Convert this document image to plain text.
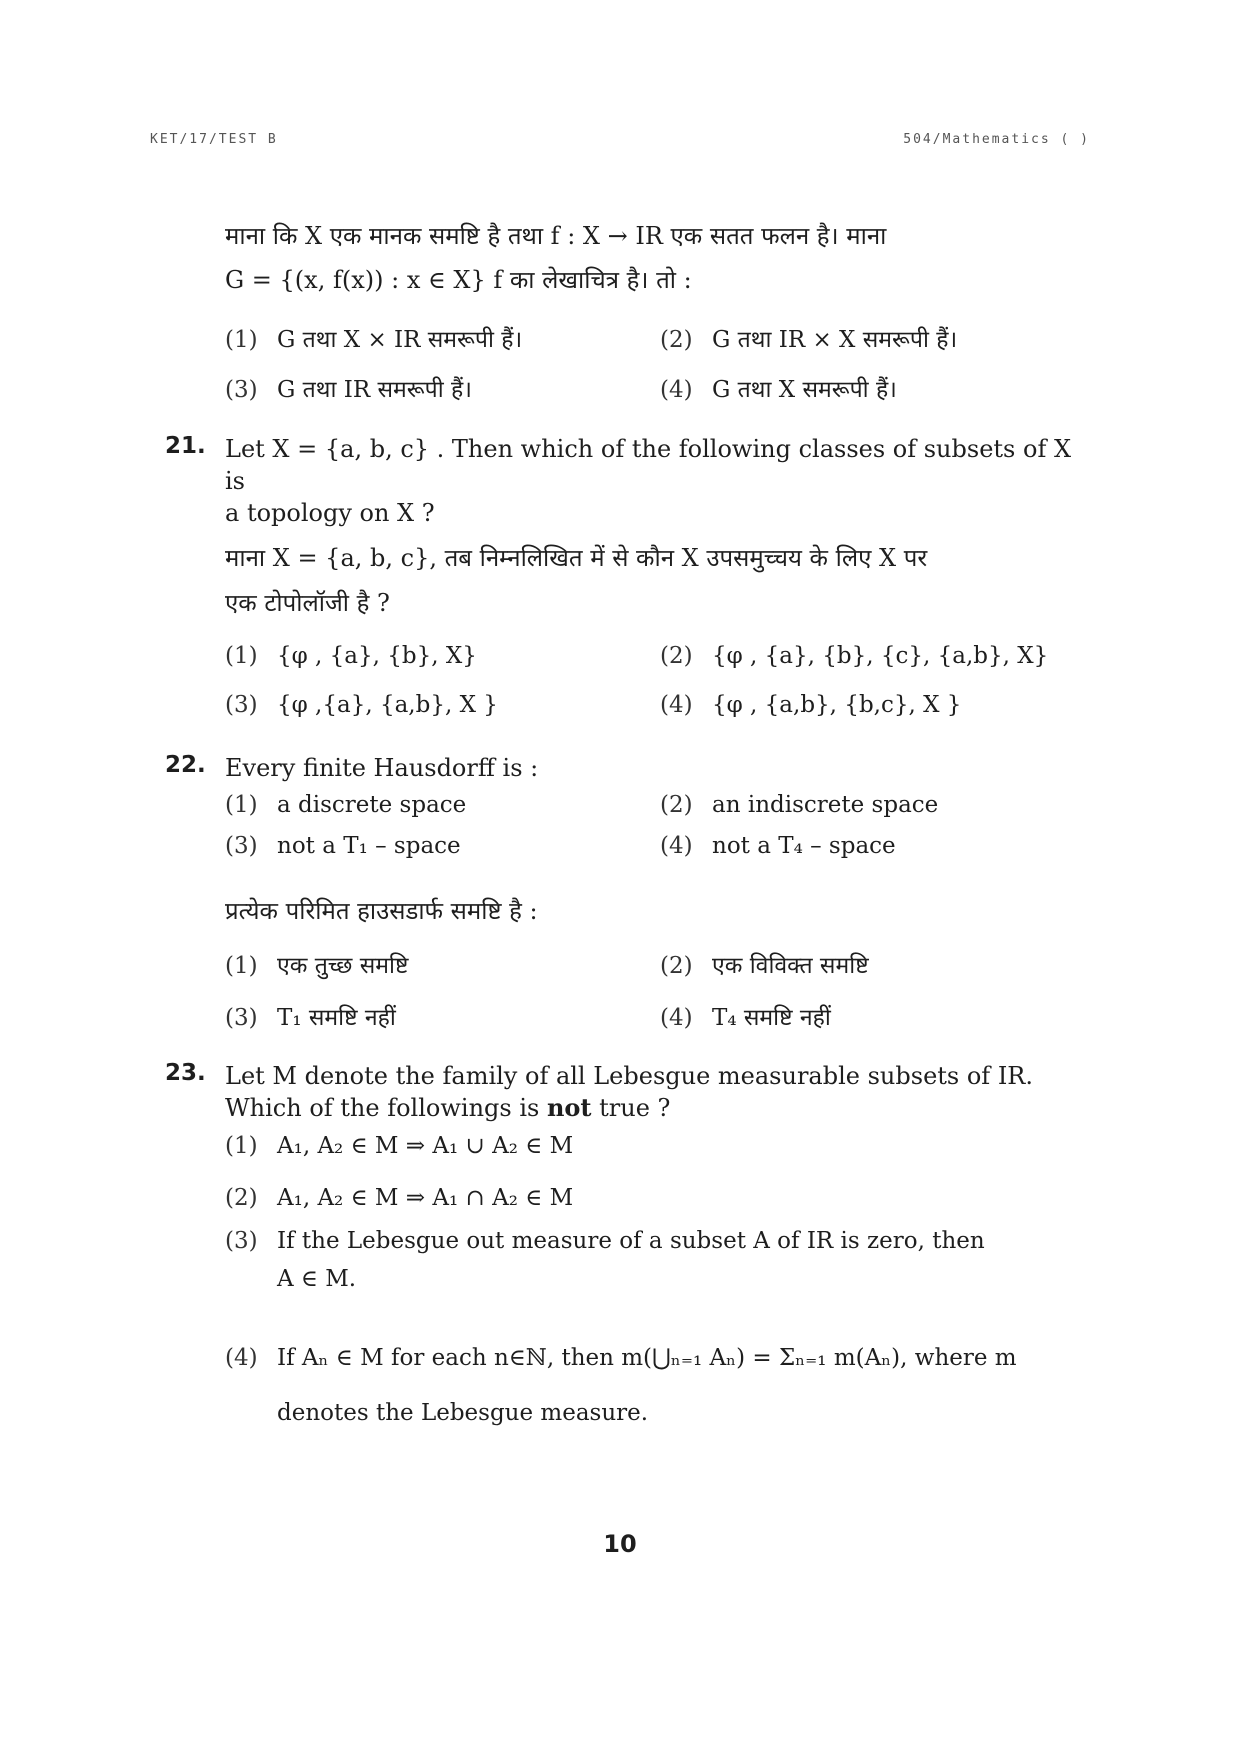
KET/17/TEST B	504/Mathematics ( )
माना कि X एक मानक समष्टि है तथा f : X → IR एक सतत फलन है। माना
G = {(x, f(x)) : x ∈ X} f का लेखाचित्र है। तो :
(1) G तथा X × IR समरूपी हैं।	(2) G तथा IR × X समरूपी हैं।
(3) G तथा IR समरूपी हैं।	(4) G तथा X समरूपी हैं।
21. Let X = {a, b, c} . Then which of the following classes of subsets of X is
a topology on X ?
माना X = {a, b, c}, तब निम्नलिखित में से कौन X उपसमुच्चय के लिए X पर
एक टोपोलॉजी है ?
(1) {φ , {a}, {b}, X}	(2) {φ , {a}, {b}, {c}, {a,b}, X}
(3) {φ ,{a}, {a,b}, X }	(4) {φ , {a,b}, {b,c}, X }
22. Every finite Hausdorff is :
(1) a discrete space	(2) an indiscrete space
(3) not a T₁ – space	(4) not a T₄ – space
प्रत्येक परिमित हाउसडार्फ समष्टि है :
(1) एक तुच्छ समष्टि	(2) एक विविक्त समष्टि
(3) T₁ समष्टि नहीं	(4) T₄ समष्टि नहीं
23. Let M denote the family of all Lebesgue measurable subsets of IR.
Which of the followings is not true ?
(1) A₁, A₂ ∈ M ⇒ A₁ ∪ A₂ ∈ M
(2) A₁, A₂ ∈ M ⇒ A₁ ∩ A₂ ∈ M
(3) If the Lebesgue out measure of a subset A of IR is zero, then
A ∈ M.
(4) If Aₙ ∈ M for each n∈ℕ, then m(⋃ₙ₌₁ Aₙ) = Σₙ₌₁ m(Aₙ), where m
denotes the Lebesgue measure.
10
